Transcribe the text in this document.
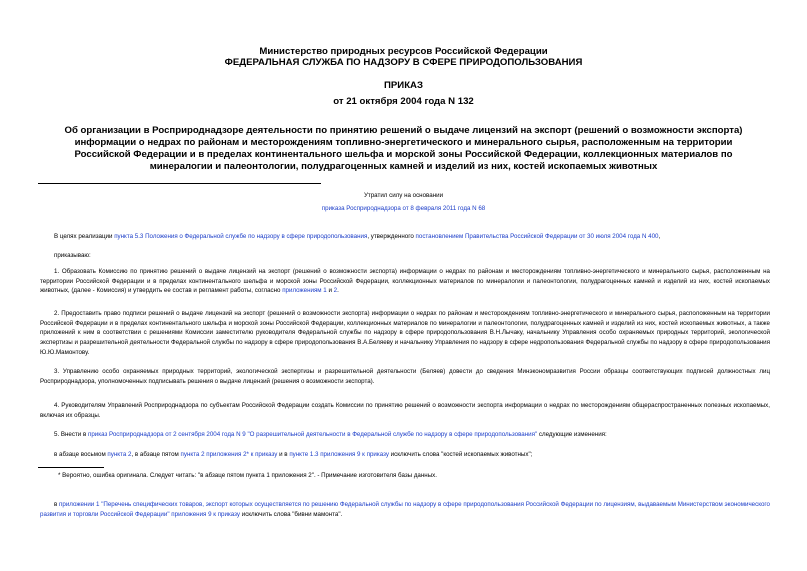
Министерство природных ресурсов Российской Федерации
ФЕДЕРАЛЬНАЯ СЛУЖБА ПО НАДЗОРУ В СФЕРЕ ПРИРОДОПОЛЬЗОВАНИЯ
ПРИКАЗ
от 21 октября 2004 года N 132
Об организации в Росприроднадзоре деятельности по принятию решений о выдаче лицензий на экспорт (решений о возможности экспорта) информации о недрах по районам и месторождениям топливно-энергетического и минерального сырья, расположенным на территории Российской Федерации и в пределах континентального шельфа и морской зоны Российской Федерации, коллекционных материалов по минералогии и палеонтологии, полудрагоценных камней и изделий из них, костей ископаемых животных
Утратил силу на основании
приказа Росприроднадзора от 8 февраля 2011 года N 68
В целях реализации пункта 5.3 Положения о Федеральной службе по надзору в сфере природопользования, утвержденного постановлением Правительства Российской Федерации от 30 июля 2004 года N 400,
приказываю:
1. Образовать Комиссию по принятию решений о выдаче лицензий на экспорт (решений о возможности экспорта) информации о недрах по районам и месторождениям топливно-энергетического и минерального сырья, расположенным на территории Российской Федерации и в пределах континентального шельфа и морской зоны Российской Федерации, коллекционных материалов по минералогии и палеонтологии, полудрагоценных камней и изделий из них, костей ископаемых животных, (далее - Комиссия) и утвердить ее состав и регламент работы, согласно приложениям 1 и 2.
2. Предоставить право подписи решений о выдаче лицензий на экспорт (решений о возможности экспорта) информации о недрах по районам и месторождениям топливно-энергетического и минерального сырья, расположенным на территории Российской Федерации и в пределах континентального шельфа и морской зоны Российской Федерации, коллекционных материалов по минералогии и палеонтологии, полудрагоценных камней и изделий из них, костей ископаемых животных, а также приложений к ним в соответствии с решениями Комиссии заместителю руководителя Федеральной службы по надзору в сфере природопользования В.Н.Лычаку, начальнику Управления особо охраняемых природных территорий, экологической экспертизы и разрешительной деятельности Федеральной службы по надзору в сфере природопользования В.А.Беляеву и начальнику Управления по надзору в сфере недропользования Федеральной службы по надзору в сфере природопользования Ю.Ю.Мамонтову.
3. Управлению особо охраняемых природных территорий, экологической экспертизы и разрешительной деятельности (Беляев) довести до сведения Минэкономразвития России образцы соответствующих подписей должностных лиц Росприроднадзора, уполномоченных подписывать решения о выдаче лицензий (решения о возможности экспорта).
4. Руководителям Управлений Росприроднадзора по субъектам Российской Федерации создать Комиссии по принятию решений о возможности экспорта информации о недрах по месторождениям общераспространенных полезных ископаемых, включая их образцы.
5. Внести в приказ Росприроднадзора от 2 сентября 2004 года N 9 "О разрешительной деятельности в Федеральной службе по надзору в сфере природопользования" следующие изменения:
в абзаце восьмом пункта 2, в абзаце пятом пункта 2 приложения 2* к приказу и в пункте 1.3 приложения 9 к приказу исключить слова "костей ископаемых животных";
* Вероятно, ошибка оригинала. Следует читать: "в абзаце пятом пункта 1 приложения 2". - Примечание изготовителя базы данных.
в приложении 1 "Перечень специфических товаров, экспорт которых осуществляется по решению Федеральной службы по надзору в сфере природопользования Российской Федерации по лицензиям, выдаваемым Министерством экономического развития и торговли Российской Федерации" приложения 9 к приказу исключить слова "бивни мамонта".
